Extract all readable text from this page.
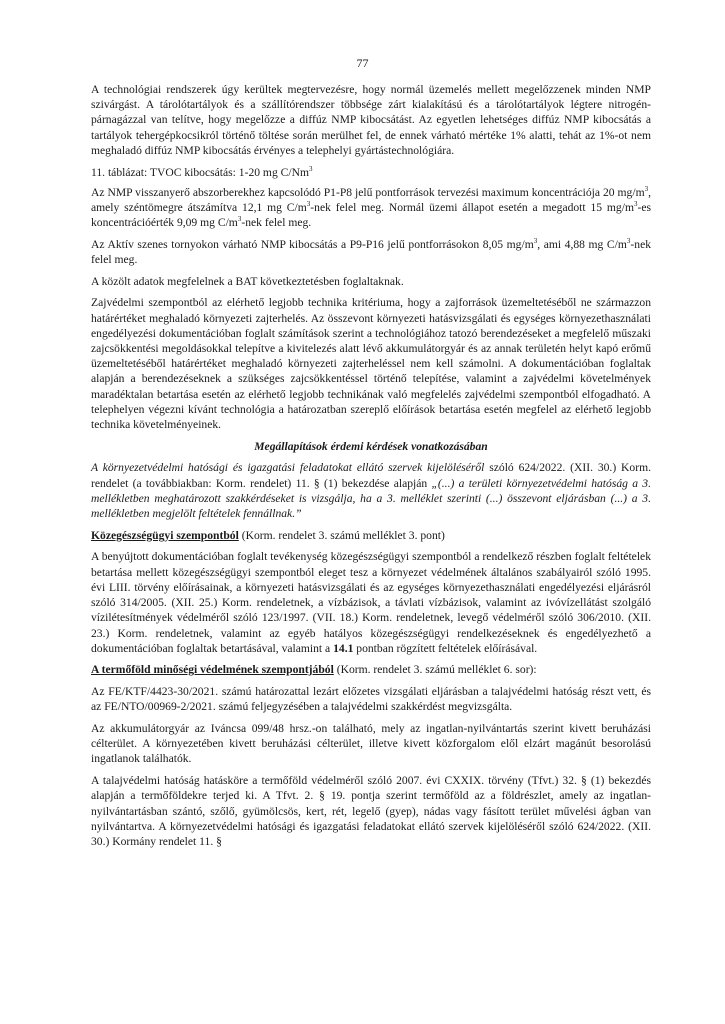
77

A technológiai rendszerek úgy kerültek megtervezésre, hogy normál üzemelés mellett megelőzzenek minden NMP szivárgást. A tárolótartályok és a szállítórendszer többsége zárt kialakítású és a tárolótartályok légtere nitrogén-párnagázzal van telítve, hogy megelőzze a diffúz NMP kibocsátást. Az egyetlen lehetséges diffúz NMP kibocsátás a tartályok tehergépkocsikról történő töltése során merülhet fel, de ennek várható mértéke 1% alatti, tehát az 1%-ot nem meghaladó diffúz NMP kibocsátás érvényes a telephelyi gyártástechnológiára.

11. táblázat: TVOC kibocsátás: 1-20 mg C/Nm$^3$

Az NMP visszanyerő abszorberekhez kapcsolódó P1-P8 jelű pontforrások tervezési maximum koncentrációja 20 $mg/m^3$, amely széntömegre átszámítva 12,1 mg $C/m^3$-nek felel meg. Normál üzemi állapot esetén a megadott 15 $mg/m^3-es$ koncentrációérték 9,09 mg $C/m^3$-nek felel meg.

Az Aktív szenes tornyokon várható NMP kibocsátás a P9-P16 jelű pontforrásokon 8,05 $mg/m^3$, ami 4,88 mg $C/m^3$-nek felel meg.

A közölt adatok megfelelnek a BAT következtetésben foglaltaknak.

Zajvédelmi szempontból az elérhető legjobb technika kritériuma, hogy a zajforrások üzemeltetéséből ne származzon határértéket meghaladó környezeti zajterhelés. Az összevont környezeti hatásvizsgálati és egységes környezethasználati engedélyezési dokumentációban foglalt számítások szerint a technológiához tatozó berendezéseket a megfelelő műszaki zajcsökkentési megoldásokkal telepítve a kivitelezés alatt lévő akkumulátorgyár és az annak területén helyt kapó erőmű üzemeltetéséből határértéket meghaladó környezeti zajterheléssel nem kell számolni. A dokumentációban foglaltak alapján a berendezéseknek a szükséges zajcsökkentéssel történő telepítése, valamint a zajvédelmi követelmények maradéktalan betartása esetén az elérhető legjobb technikának való megfelelés zajvédelmi szempontból elfogadható. A telephelyen végezni kívánt technológia a határozatban szereplő előírások betartása esetén megfelel az elérhető legjobb technika követelményeinek.

Megállapítások érdemi kérdések vonatkozásában

A környezetvédelmi hatósági és igazgatási feladatokat ellátó szervek kijelöléséről szóló 624/2022. (XII. 30.) Korm. rendelet (a továbbiakban: Korm. rendelet) 11. § (1) bekezdése alapján „(...) a területi környezetvédelmi hatóság a 3. mellékletben meghatározott szakkérdéseket is vizsgálja, ha a 3. melléklet szerinti (...) összevont eljárásban (...) a 3. mellékletben megjelölt feltételek fennállnak.”

Közegészségügyi szempontból (Korm. rendelet 3. számú melléklet 3. pont)

A benyújtott dokumentációban foglalt tevékenység közegészségügyi szempontból a rendelkező részben foglalt feltételek betartása mellett közegészségügyi szempontból eleget tesz a környezet védelmének általános szabályairól szóló 1995. évi LIII. törvény előírásainak, a környezeti hatásvizsgálati és az egységes környezethasználati engedélyezési eljárásról szóló 314/2005. (XII. 25.) Korm. rendeletnek, a vízbázisok, a távlati vízbázisok, valamint az ivóvízellátást szolgáló vízilétesítmények védelméről szóló 123/1997. (VII. 18.) Korm. rendeletnek, levegő védelméről szóló 306/2010. (XII. 23.) Korm. rendeletnek, valamint az egyéb hatályos közegészségügyi rendelkezéseknek és engedélyezhető a dokumentációban foglaltak betartásával, valamint a 14.1 pontban rögzített feltételek előírásával.

A termőföld minőségi védelmének szempontjából (Korm. rendelet 3. számú melléklet 6. sor):

Az FE/KTF/4423-30/2021. számú határozattal lezárt előzetes vizsgálati eljárásban a talajvédelmi hatóság részt vett, és az FE/NTO/00969-2/2021. számú feljegyzésében a talajvédelmi szakkérdést megvizsgálta.

Az akkumulátorgyár az Iváncsa 099/48 hrsz.-on található, mely az ingatlan-nyilvántartás szerint kivett beruházási célterület. A környezetében kivett beruházási célterület, illetve kivett közforgalom elől elzárt magánút besorolású ingatlanok találhatók.

A talajvédelmi hatóság hatásköre a termőföld védelméről szóló 2007. évi CXXIX. törvény (Tfvt.) 32. § (1) bekezdés alapján a termőföldekre terjed ki. A Tfvt. 2. § 19. pontja szerint termőföld az a földrészlet, amely az ingatlan-nyilvántartásban szántó, szőlő, gyümölcsös, kert, rét, legelő (gyep), nádas vagy fásított terület művelési ágban van nyilvántartva. A környezetvédelmi hatósági és igazgatási feladatokat ellátó szervek kijelöléséről szóló 624/2022. (XII. 30.) Kormány rendelet 11. §
